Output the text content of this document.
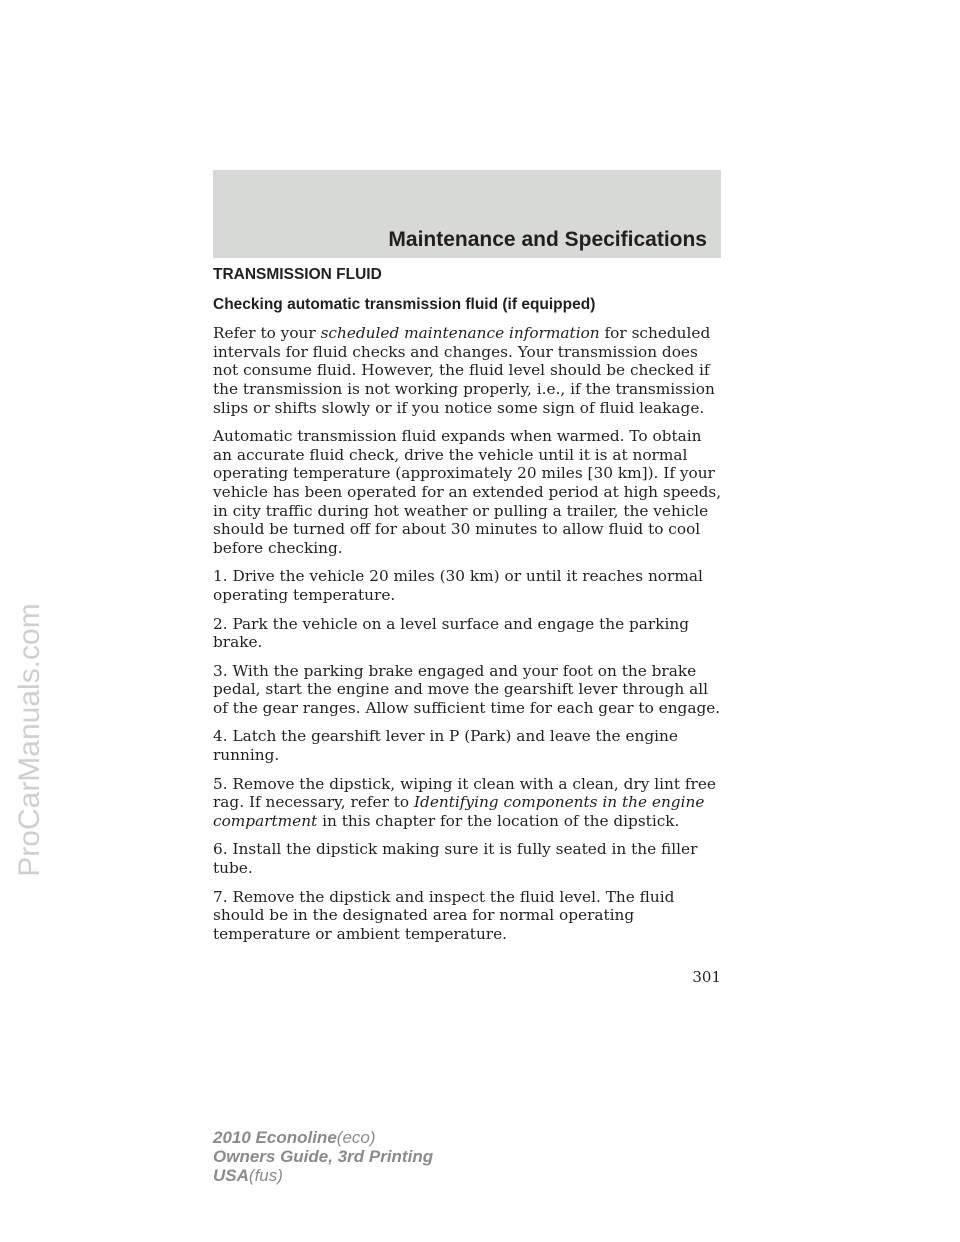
ProCarManuals.com
Maintenance and Specifications
TRANSMISSION FLUID
Checking automatic transmission fluid (if equipped)

Refer to your scheduled maintenance information for scheduled intervals for fluid checks and changes. Your transmission does not consume fluid. However, the fluid level should be checked if the transmission is not working properly, i.e., if the transmission slips or shifts slowly or if you notice some sign of fluid leakage.

Automatic transmission fluid expands when warmed. To obtain an accurate fluid check, drive the vehicle until it is at normal operating temperature (approximately 20 miles [30 km]). If your vehicle has been operated for an extended period at high speeds, in city traffic during hot weather or pulling a trailer, the vehicle should be turned off for about 30 minutes to allow fluid to cool before checking.

1. Drive the vehicle 20 miles (30 km) or until it reaches normal operating temperature.

2. Park the vehicle on a level surface and engage the parking brake.

3. With the parking brake engaged and your foot on the brake pedal, start the engine and move the gearshift lever through all of the gear ranges. Allow sufficient time for each gear to engage.

4. Latch the gearshift lever in P (Park) and leave the engine running.

5. Remove the dipstick, wiping it clean with a clean, dry lint free rag. If necessary, refer to Identifying components in the engine compartment in this chapter for the location of the dipstick.

6. Install the dipstick making sure it is fully seated in the filler tube.

7. Remove the dipstick and inspect the fluid level. The fluid should be in the designated area for normal operating temperature or ambient temperature.

301
2010 Econoline(eco)
Owners Guide, 3rd Printing
USA(fus)
